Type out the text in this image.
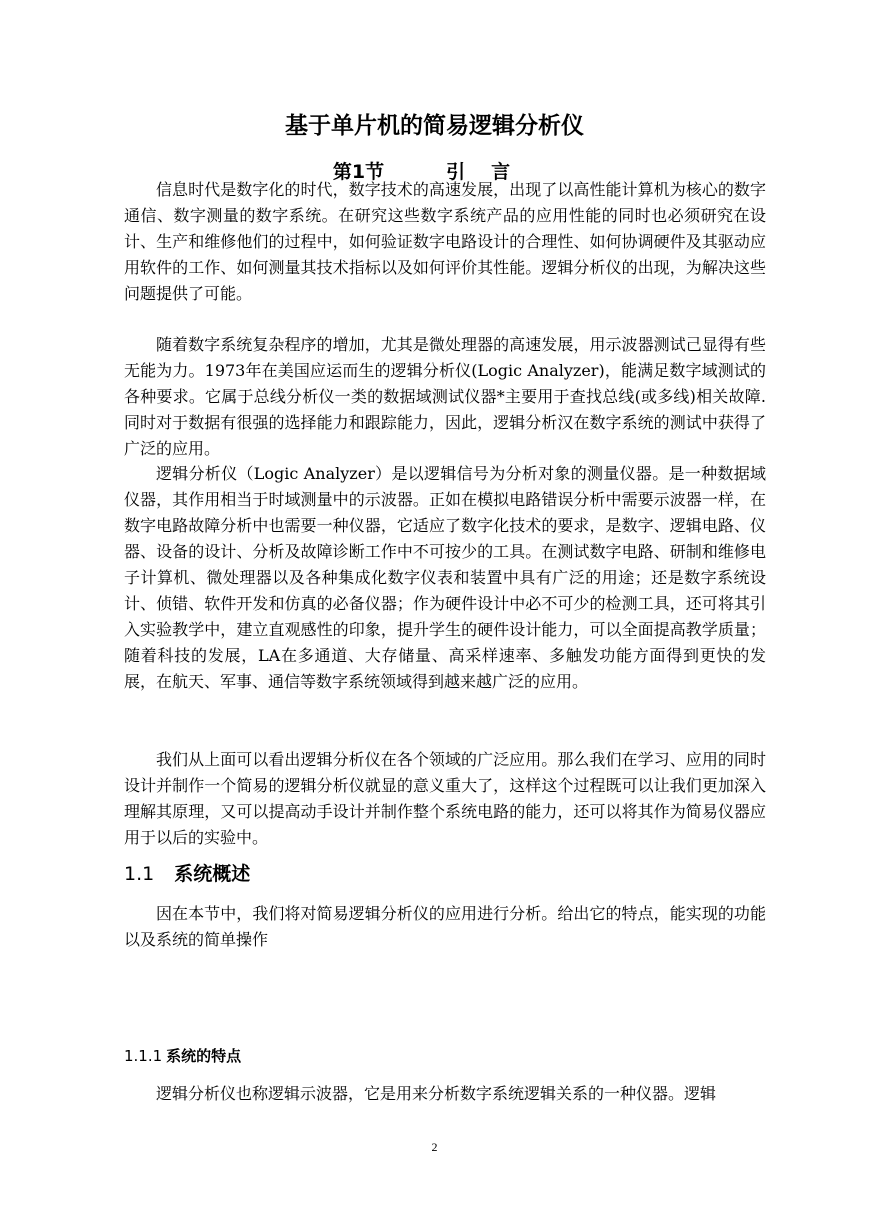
基于单片机的简易逻辑分析仪
第1节	引言

信息时代是数字化的时代，数字技术的高速发展，出现了以高性能计算机为核心的数字通信、数字测量的数字系统。在研究这些数字系统产品的应用性能的同时也必须研究在设计、生产和维修他们的过程中，如何验证数字电路设计的合理性、如何协调硬件及其驱动应用软件的工作、如何测量其技术指标以及如何评价其性能。逻辑分析仪的出现，为解决这些问题提供了可能。

随着数字系统复杂程序的增加，尤其是微处理器的高速发展，用示波器测试己显得有些无能为力。1973年在美国应运而生的逻辑分析仪(Logic Analyzer)，能满足数字域测试的各种要求。它属于总线分析仪一类的数据域测试仪器*主要用于查找总线(或多线)相关故障.同时对于数据有很强的选择能力和跟踪能力，因此，逻辑分析汉在数字系统的测试中获得了广泛的应用。

逻辑分析仪（Logic Analyzer）是以逻辑信号为分析对象的测量仪器。是一种数据域仪器，其作用相当于时域测量中的示波器。正如在模拟电路错误分析中需要示波器一样，在数字电路故障分析中也需要一种仪器，它适应了数字化技术的要求，是数字、逻辑电路、仪器、设备的设计、分析及故障诊断工作中不可按少的工具。在测试数字电路、研制和维修电子计算机、微处理器以及各种集成化数字仪表和装置中具有广泛的用途；还是数字系统设计、侦错、软件开发和仿真的必备仪器；作为硬件设计中必不可少的检测工具，还可将其引入实验教学中，建立直观感性的印象，提升学生的硬件设计能力，可以全面提高教学质量； 随着科技的发展，LA在多通道、大存储量、高采样速率、多触发功能方面得到更快的发展，在航天、军事、通信等数字系统领域得到越来越广泛的应用。

我们从上面可以看出逻辑分析仪在各个领域的广泛应用。那么我们在学习、应用的同时设计并制作一个简易的逻辑分析仪就显的意义重大了，这样这个过程既可以让我们更加深入理解其原理，又可以提高动手设计并制作整个系统电路的能力，还可以将其作为简易仪器应用于以后的实验中。

1.1 系统概述

因在本节中，我们将对简易逻辑分析仪的应用进行分析。给出它的特点，能实现的功能以及系统的简单操作

1.1.1 系统的特点

逻辑分析仪也称逻辑示波器，它是用来分析数字系统逻辑关系的一种仪器。逻辑

2
